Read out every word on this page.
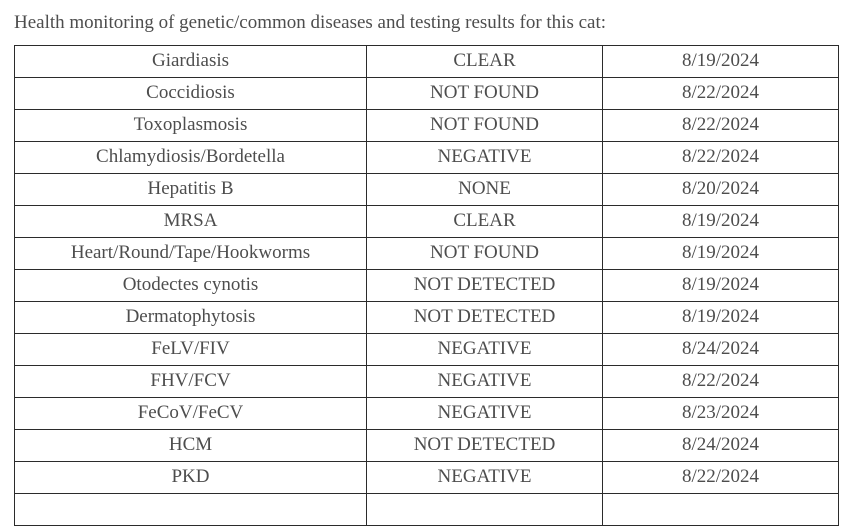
Health monitoring of genetic/common diseases and testing results for this cat:
Giardiasis	CLEAR	8/19/2024
Coccidiosis	NOT FOUND	8/22/2024
Toxoplasmosis	NOT FOUND	8/22/2024
Chlamydiosis/Bordetella	NEGATIVE	8/22/2024
Hepatitis B	NONE	8/20/2024
MRSA	CLEAR	8/19/2024
Heart/Round/Tape/Hookworms	NOT FOUND	8/19/2024
Otodectes cynotis	NOT DETECTED	8/19/2024
Dermatophytosis	NOT DETECTED	8/19/2024
FeLV/FIV	NEGATIVE	8/24/2024
FHV/FCV	NEGATIVE	8/22/2024
FeCoV/FeCV	NEGATIVE	8/23/2024
HCM	NOT DETECTED	8/24/2024
PKD	NEGATIVE	8/22/2024
